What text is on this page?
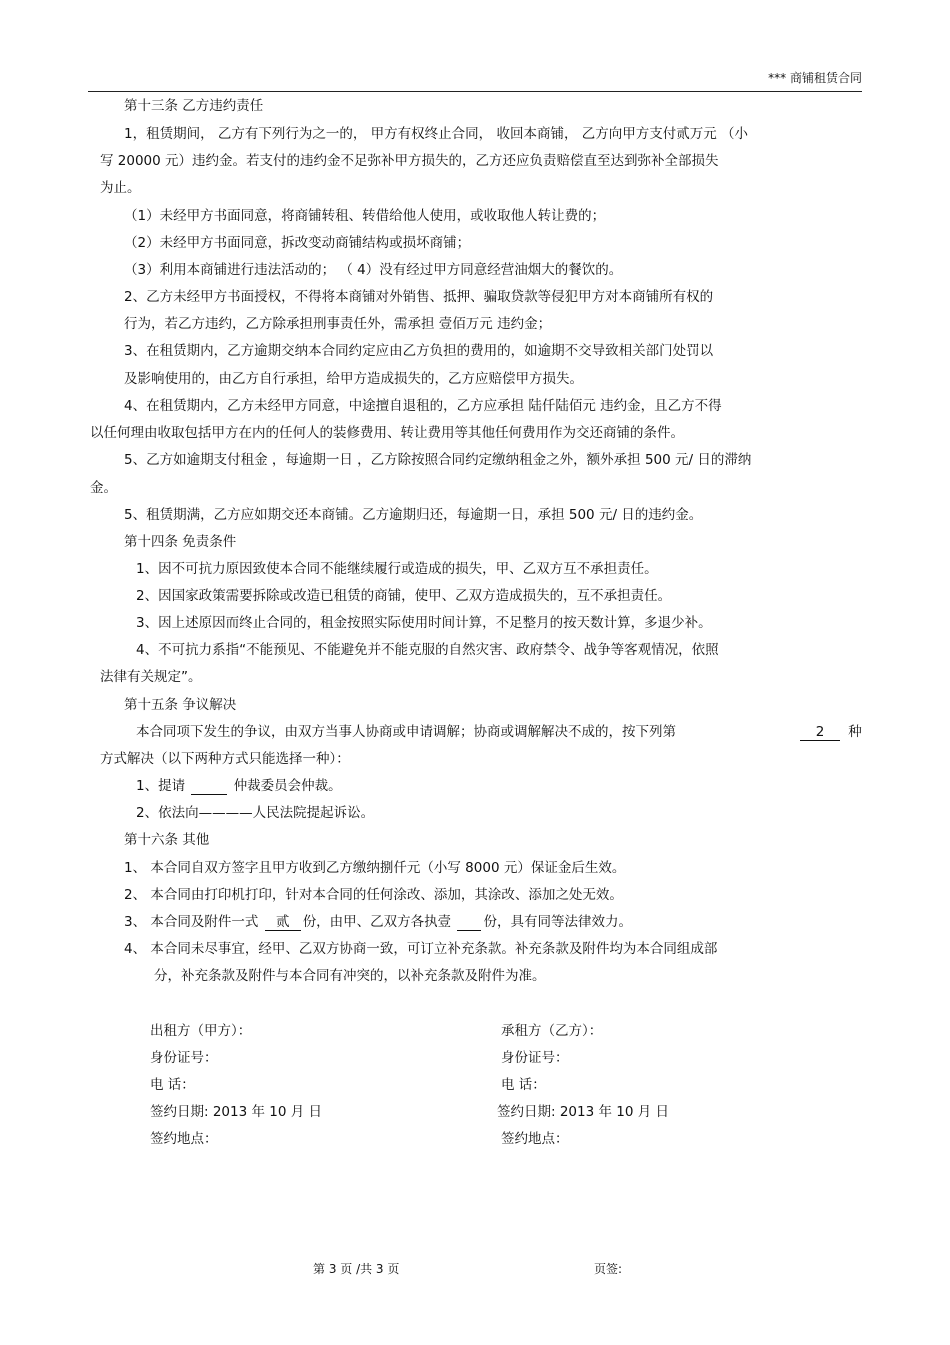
*** 商铺租赁合同
第十三条 乙方违约责任
1，租赁期间， 乙方有下列行为之一的， 甲方有权终止合同， 收回本商铺， 乙方向甲方支付贰万元 （小
写 20000 元）违约金。若支付的违约金不足弥补甲方损失的，乙方还应负责赔偿直至达到弥补全部损失
为止。
（1）未经甲方书面同意，将商铺转租、转借给他人使用，或收取他人转让费的；
（2）未经甲方书面同意，拆改变动商铺结构或损坏商铺；
（3）利用本商铺进行违法活动的； （ 4）没有经过甲方同意经营油烟大的餐饮的。
2、乙方未经甲方书面授权，不得将本商铺对外销售、抵押、骗取贷款等侵犯甲方对本商铺所有权的
行为，若乙方违约，乙方除承担刑事责任外，需承担 壹佰万元 违约金；
3、在租赁期内，乙方逾期交纳本合同约定应由乙方负担的费用的，如逾期不交导致相关部门处罚以
及影响使用的，由乙方自行承担，给甲方造成损失的，乙方应赔偿甲方损失。
4、在租赁期内，乙方未经甲方同意，中途擅自退租的，乙方应承担 陆仟陆佰元 违约金，且乙方不得
以任何理由收取包括甲方在内的任何人的装修费用、转让费用等其他任何费用作为交还商铺的条件。
5、乙方如逾期支付租金 ，每逾期一日 ，乙方除按照合同约定缴纳租金之外，额外承担 500 元/ 日的滞纳
金。
5、租赁期满，乙方应如期交还本商铺。乙方逾期归还，每逾期一日，承担 500 元/ 日的违约金。
第十四条 免责条件
1、因不可抗力原因致使本合同不能继续履行或造成的损失，甲、乙双方互不承担责任。
2、因国家政策需要拆除或改造已租赁的商铺，使甲、乙双方造成损失的，互不承担责任。
3、因上述原因而终止合同的，租金按照实际使用时间计算，不足整月的按天数计算，多退少补。
4、不可抗力系指“不能预见、不能避免并不能克服的自然灾害、政府禁令、战争等客观情况，依照
法律有关规定”。
第十五条 争议解决
本合同项下发生的争议，由双方当事人协商或申请调解；协商或调解解决不成的，按下列第	2 种
方式解决（以下两种方式只能选择一种）：
1、提请	仲裁委员会仲裁。
2、依法向————人民法院提起诉讼。
第十六条 其他
1、 本合同自双方签字且甲方收到乙方缴纳捌仟元（小写 8000 元）保证金后生效。
2、 本合同由打印机打印，针对本合同的任何涂改、添加，其涂改、添加之处无效。
3、 本合同及附件一式 贰 份，由甲、乙双方各执壹 份，具有同等法律效力。
4、 本合同未尽事宜，经甲、乙双方协商一致，可订立补充条款。补充条款及附件均为本合同组成部
分，补充条款及附件与本合同有冲突的，以补充条款及附件为准。
出租方（甲方）：	承租方（乙方）：
身份证号：	身份证号：
电 话：	电 话：
签约日期: 2013 年 10 月 日	签约日期: 2013 年 10 月 日
签约地点：	签约地点：
第 3 页 /共 3 页	页签:
